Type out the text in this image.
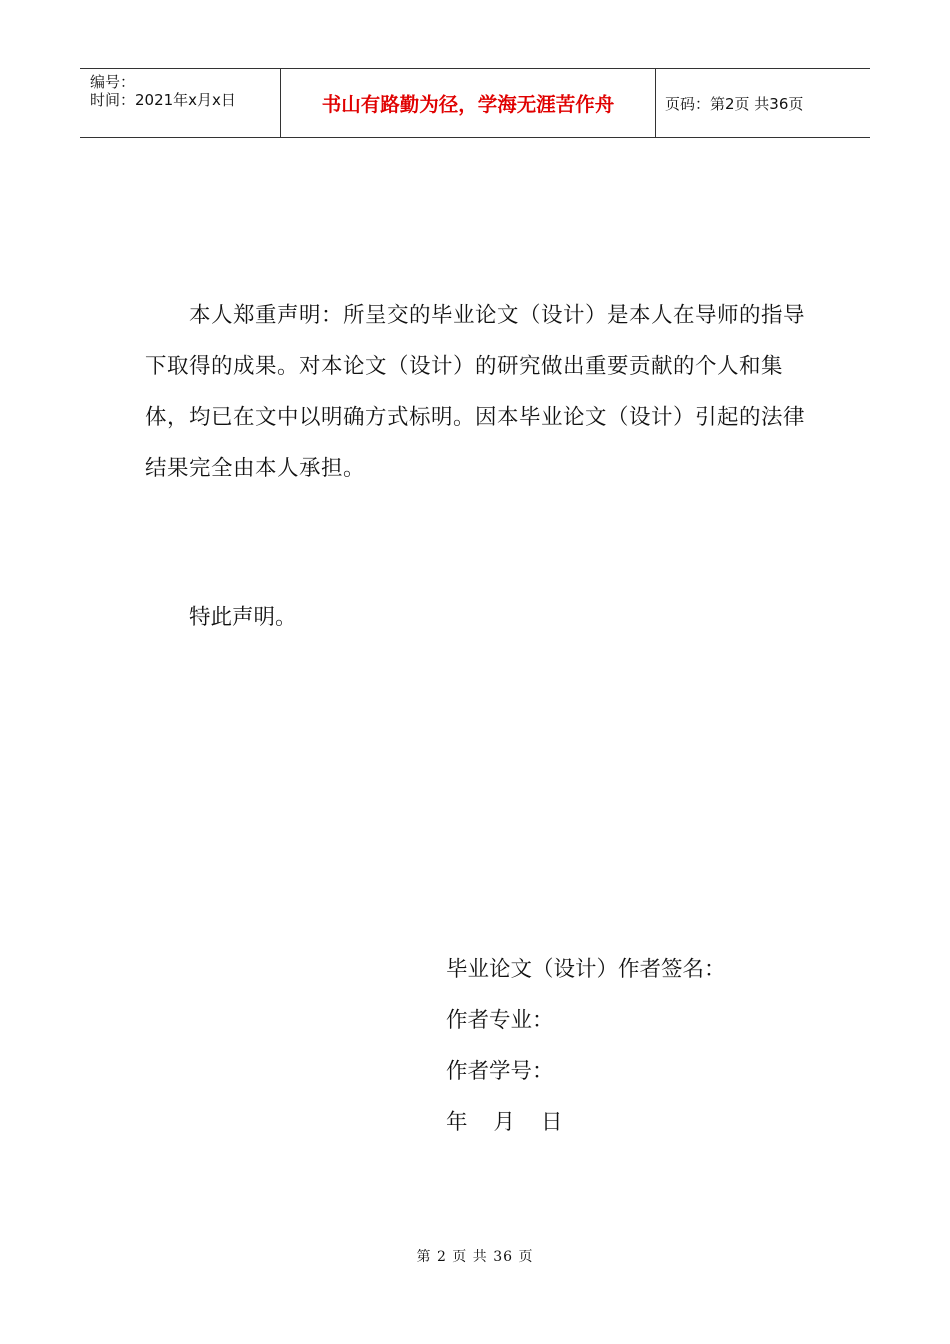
编号：
时间：2021年x月x日	书山有路勤为径，学海无涯苦作舟	页码：第2页 共36页

本人郑重声明：所呈交的毕业论文（设计）是本人在导师的指导下取得的成果。对本论文（设计）的研究做出重要贡献的个人和集体，均已在文中以明确方式标明。因本毕业论文（设计）引起的法律结果完全由本人承担。

特此声明。
毕业论文（设计）作者签名：
作者专业：
作者学号：
年 月 日
第 2 页 共 36 页
